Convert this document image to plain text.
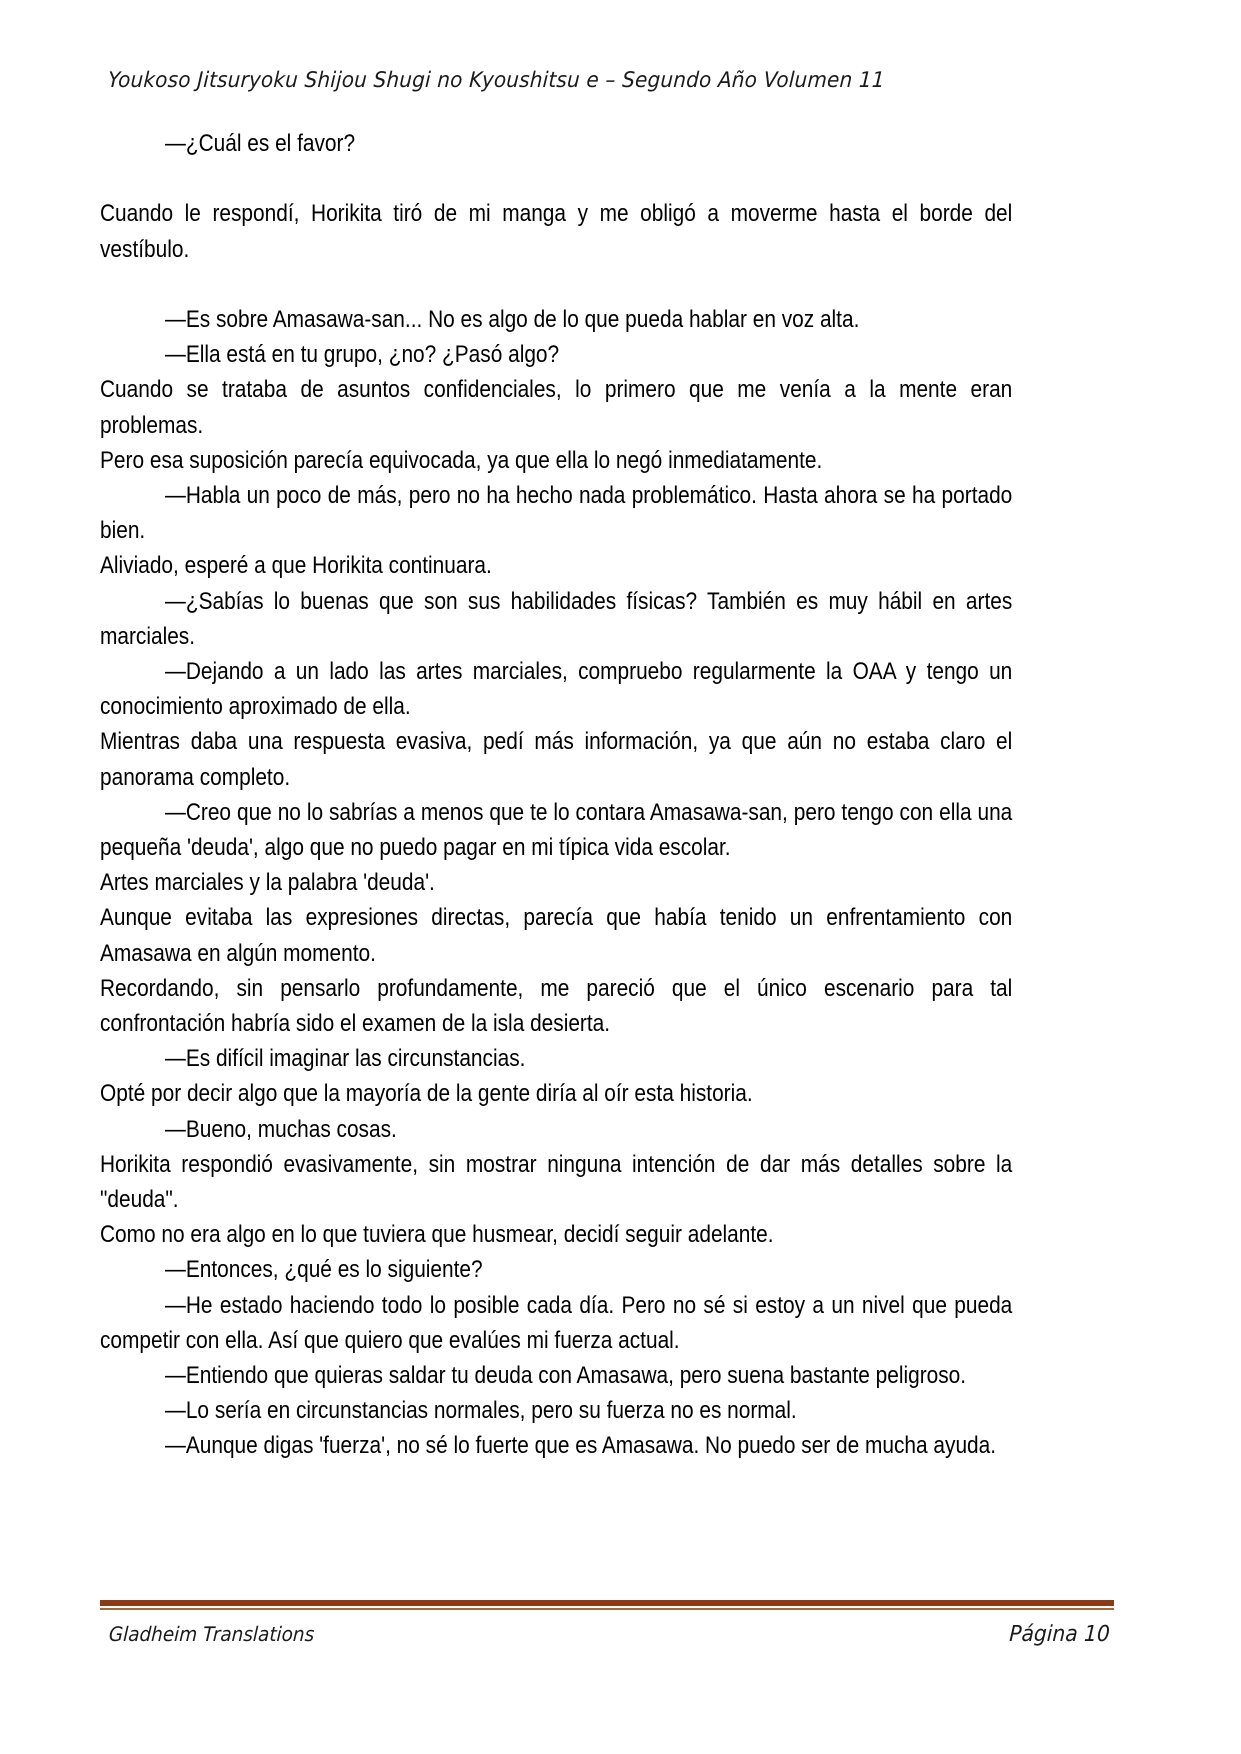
Youkoso Jitsuryoku Shijou Shugi no Kyoushitsu e – Segundo Año Volumen 11

—¿Cuál es el favor?

Cuando le respondí, Horikita tiró de mi manga y me obligó a moverme hasta el borde del vestíbulo.

—Es sobre Amasawa-san... No es algo de lo que pueda hablar en voz alta.

—Ella está en tu grupo, ¿no? ¿Pasó algo?

Cuando se trataba de asuntos confidenciales, lo primero que me venía a la mente eran problemas.

Pero esa suposición parecía equivocada, ya que ella lo negó inmediatamente.

—Habla un poco de más, pero no ha hecho nada problemático. Hasta ahora se ha portado bien.

Aliviado, esperé a que Horikita continuara.

—¿Sabías lo buenas que son sus habilidades físicas? También es muy hábil en artes marciales.

—Dejando a un lado las artes marciales, compruebo regularmente la OAA y tengo un conocimiento aproximado de ella.

Mientras daba una respuesta evasiva, pedí más información, ya que aún no estaba claro el panorama completo.

—Creo que no lo sabrías a menos que te lo contara Amasawa-san, pero tengo con ella una pequeña 'deuda', algo que no puedo pagar en mi típica vida escolar.

Artes marciales y la palabra 'deuda'.

Aunque evitaba las expresiones directas, parecía que había tenido un enfrentamiento con Amasawa en algún momento.

Recordando, sin pensarlo profundamente, me pareció que el único escenario para tal confrontación habría sido el examen de la isla desierta.

—Es difícil imaginar las circunstancias.

Opté por decir algo que la mayoría de la gente diría al oír esta historia.

—Bueno, muchas cosas.

Horikita respondió evasivamente, sin mostrar ninguna intención de dar más detalles sobre la "deuda".

Como no era algo en lo que tuviera que husmear, decidí seguir adelante.

—Entonces, ¿qué es lo siguiente?

—He estado haciendo todo lo posible cada día. Pero no sé si estoy a un nivel que pueda competir con ella. Así que quiero que evalúes mi fuerza actual.

—Entiendo que quieras saldar tu deuda con Amasawa, pero suena bastante peligroso.

—Lo sería en circunstancias normales, pero su fuerza no es normal.

—Aunque digas 'fuerza', no sé lo fuerte que es Amasawa. No puedo ser de mucha ayuda.

Gladheim Translations	Página 10
